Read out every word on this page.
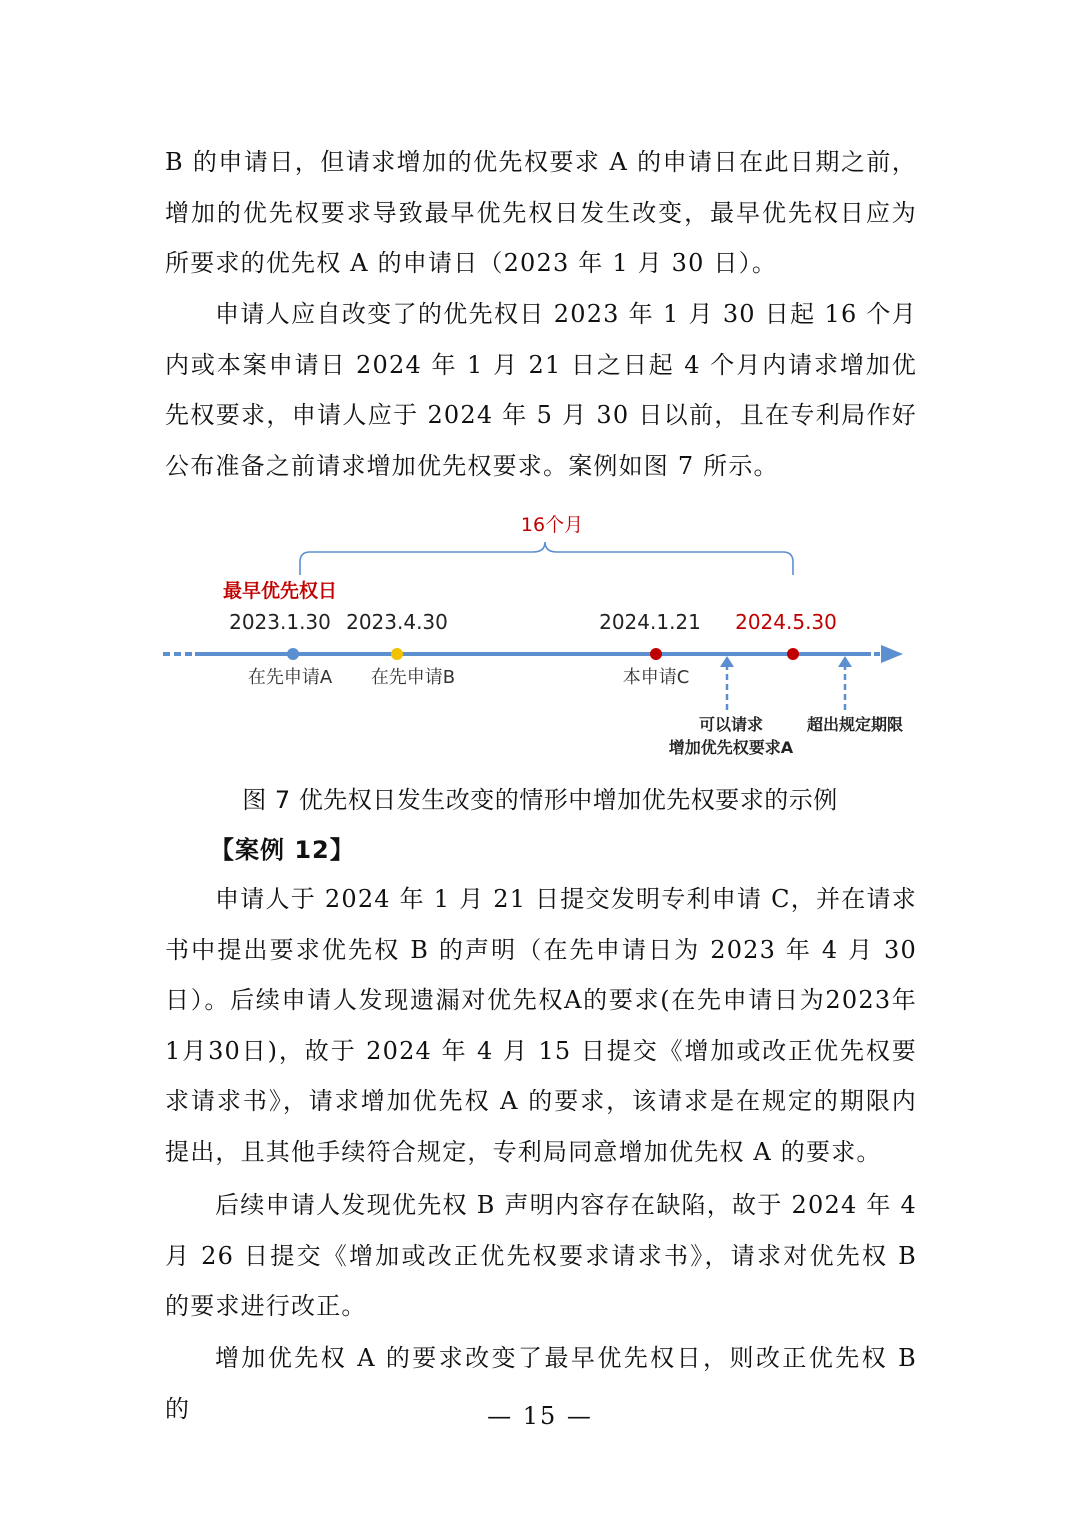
B 的申请日，但请求增加的优先权要求 A 的申请日在此日期之前，增加的优先权要求导致最早优先权日发生改变，最早优先权日应为所要求的优先权 A 的申请日（2023 年 1 月 30 日）。

申请人应自改变了的优先权日 2023 年 1 月 30 日起 16 个月内或本案申请日 2024 年 1 月 21 日之日起 4 个月内请求增加优先权要求，申请人应于 2024 年 5 月 30 日以前，且在专利局作好公布准备之前请求增加优先权要求。案例如图 7 所示。

16个月
最早优先权日
2023.1.30 2023.4.30	2024.1.21 2024.5.30
在先申请A 在先申请B	本申请C
可以请求
增加优先权要求A
超出规定期限
图 7 优先权日发生改变的情形中增加优先权要求的示例
【案例 12】

申请人于 2024 年 1 月 21 日提交发明专利申请 C，并在请求书中提出要求优先权 B 的声明（在先申请日为 2023 年 4 月 30 日）。后续申请人发现遗漏对优先权A的要求(在先申请日为2023年1月30日)，故于 2024 年 4 月 15 日提交《增加或改正优先权要求请求书》，请求增加优先权 A 的要求，该请求是在规定的期限内提出，且其他手续符合规定，专利局同意增加优先权 A 的要求。

后续申请人发现优先权 B 声明内容存在缺陷，故于 2024 年 4 月 26 日提交《增加或改正优先权要求请求书》，请求对优先权 B 的要求进行改正。

增加优先权 A 的要求改变了最早优先权日，则改正优先权 B 的	— 15 —
